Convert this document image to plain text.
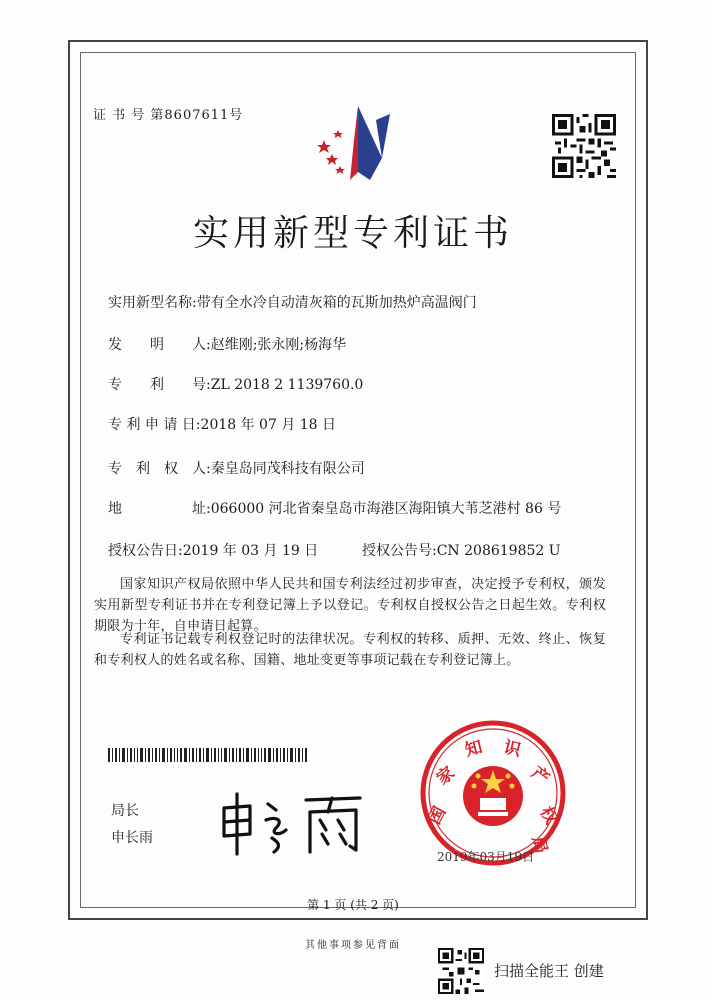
证 书 号 第8607611号
实用新型专利证书
实用新型名称:带有全水冷自动清灰箱的瓦斯加热炉高温阀门
发　　明　　人:赵维刚;张永刚;杨海华
专　　利　　号:ZL 2018 2 1139760.0
专 利 申 请 日:2018 年 07 月 18 日
专　利　权　人:秦皇岛同茂科技有限公司
地　　　　　址:066000 河北省秦皇岛市海港区海阳镇大苇芝港村 86 号
授权公告日:2019 年 03 月 19 日	授权公告号:CN 208619852 U
国家知识产权局依照中华人民共和国专利法经过初步审查，决定授予专利权，颁发实用新型专利证书并在专利登记簿上予以登记。专利权自授权公告之日起生效。专利权期限为十年，自申请日起算。
专利证书记载专利权登记时的法律状况。专利权的转移、质押、无效、终止、恢复和专利权人的姓名或名称、国籍、地址变更等事项记载在专利登记簿上。
局长
申长雨
国
家
知 识
产
权
局
2019年03月19日
第 1 页 (共 2 页)
其他事项参见背面
扫描全能王 创建
